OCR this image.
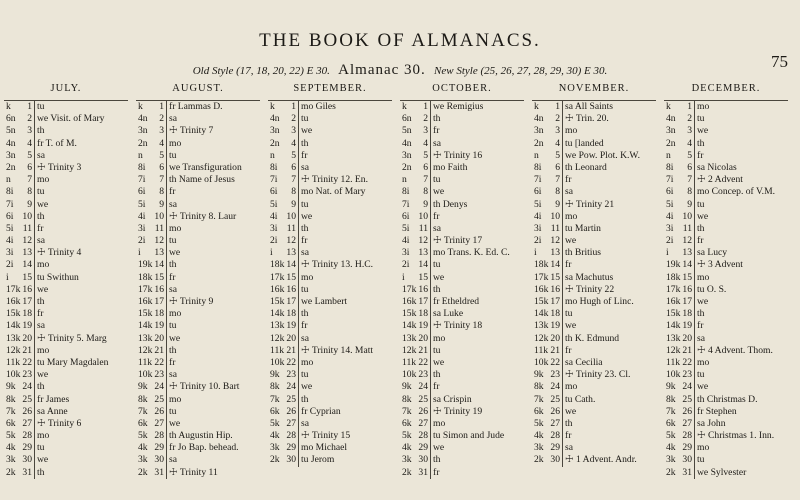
THE BOOK OF ALMANACS.
75
Old Style (17, 18, 20, 22) E 30. Almanac 30. New Style (25, 26, 27, 28, 29, 30) E 30.
JULY.
k	1 tu
6n	2 we Visit. of Mary
5n	3 th
4n	4 fr T. of M.
3n	5 sa
2n	6 ☩ Trinity 3
n	7 mo
8i	8 tu
7i	9 we
6i 10 th
5i 11 fr
4i 12 sa
3i 13 ☩ Trinity 4
2i 14 mo
i	15 tu Swithun
17k 16 we
16k 17 th
15k 18 fr
14k 19 sa
13k 20 ☩ Trinity 5. Marg
12k 21 mo
11k 22 tu Mary Magdalen
10k 23 we
9k 24 th
8k 25 fr James
7k 26 sa Anne
6k 27 ☩ Trinity 6
5k 28 mo
4k 29 tu
3k 30 we
2k 31 th
AUGUST.
k	1 fr Lammas D.
4n	2 sa
3n	3 ☩ Trinity 7
2n	4 mo
n	5 tu
8i	6 we Transfiguration
7i	7 th Name of Jesus
6i	8 fr
5i	9 sa
4i 10 ☩ Trinity 8. Laur
3i 11 mo
2i 12 tu
i	13 we
19k 14 th
18k 15 fr
17k 16 sa
16k 17 ☩ Trinity 9
15k 18 mo
14k 19 tu
13k 20 we
12k 21 th
11k 22 fr
10k 23 sa
9k 24 ☩ Trinity 10. Bart
8k 25 mo
7k 26 tu
6k 27 we
5k 28 th Augustin Hip.
4k 29 fr Jo Bap. behead.
3k 30 sa
2k 31 ☩ Trinity 11
SEPTEMBER.
k	1 mo Giles
4n	2 tu
3n	3 we
2n	4 th
n	5 fr
8i	6 sa
7i	7 ☩ Trinity 12. En.
6i	8 mo Nat. of Mary
5i	9 tu
4i 10 we
3i 11 th
2i 12 fr
i	13 sa
18k 14 ☩ Trinity 13. H.C.
17k 15 mo
16k 16 tu
15k 17 we Lambert
14k 18 th
13k 19 fr
12k 20 sa
11k 21 ☩ Trinity 14. Matt
10k 22 mo
9k 23 tu
8k 24 we
7k 25 th
6k 26 fr Cyprian
5k 27 sa
4k 28 ☩ Trinity 15
3k 29 mo Michael
2k 30 tu Jerom
OCTOBER.
k	1 we Remigius
6n	2 th
5n	3 fr
4n	4 sa
3n	5 ☩ Trinity 16
2n	6 mo Faith
n	7 tu
8i	8 we
7i	9 th Denys
6i 10 fr
5i 11 sa
4i 12 ☩ Trinity 17
3i 13 mo Trans. K. Ed. C.
2i 14 tu
i	15 we
17k 16 th
16k 17 fr Etheldred
15k 18 sa Luke
14k 19 ☩ Trinity 18
13k 20 mo
12k 21 tu
11k 22 we
10k 23 th
9k 24 fr
8k 25 sa Crispin
7k 26 ☩ Trinity 19
6k 27 mo
5k 28 tu Simon and Jude
4k 29 we
3k 30 th
2k 31 fr
NOVEMBER.
k	1 sa All Saints
4n	2 ☩ Trin. 20.
3n	3 mo
2n	4 tu [landed
n	5 we Pow. Plot. K.W.
8i	6 th Leonard
7i	7 fr
6i	8 sa
5i	9 ☩ Trinity 21
4i 10 mo
3i 11 tu Martin
2i 12 we
i	13 th Britius
18k 14 fr
17k 15 sa Machutus
16k 16 ☩ Trinity 22
15k 17 mo Hugh of Linc.
14k 18 tu
13k 19 we
12k 20 th K. Edmund
11k 21 fr
10k 22 sa Cecilia
9k 23 ☩ Trinity 23. Cl.
8k 24 mo
7k 25 tu Cath.
6k 26 we
5k 27 th
4k 28 fr
3k 29 sa
2k 30 ☩ 1 Advent. Andr.
DECEMBER.
k	1 mo
4n	2 tu
3n	3 we
2n	4 th
n	5 fr
8i	6 sa Nicolas
7i	7 ☩ 2 Advent
6i	8 mo Concep. of V.M.
5i	9 tu
4i 10 we
3i 11 th
2i 12 fr
i	13 sa Lucy
19k 14 ☩ 3 Advent
18k 15 mo
17k 16 tu O. S.
16k 17 we
15k 18 th
14k 19 fr
13k 20 sa
12k 21 ☩ 4 Advent. Thom.
11k 22 mo
10k 23 tu
9k 24 we
8k 25 th Christmas D.
7k 26 fr Stephen
6k 27 sa John
5k 28 ☩ Christmas 1. Inn.
4k 29 mo
3k 30 tu
2k 31 we Sylvester
